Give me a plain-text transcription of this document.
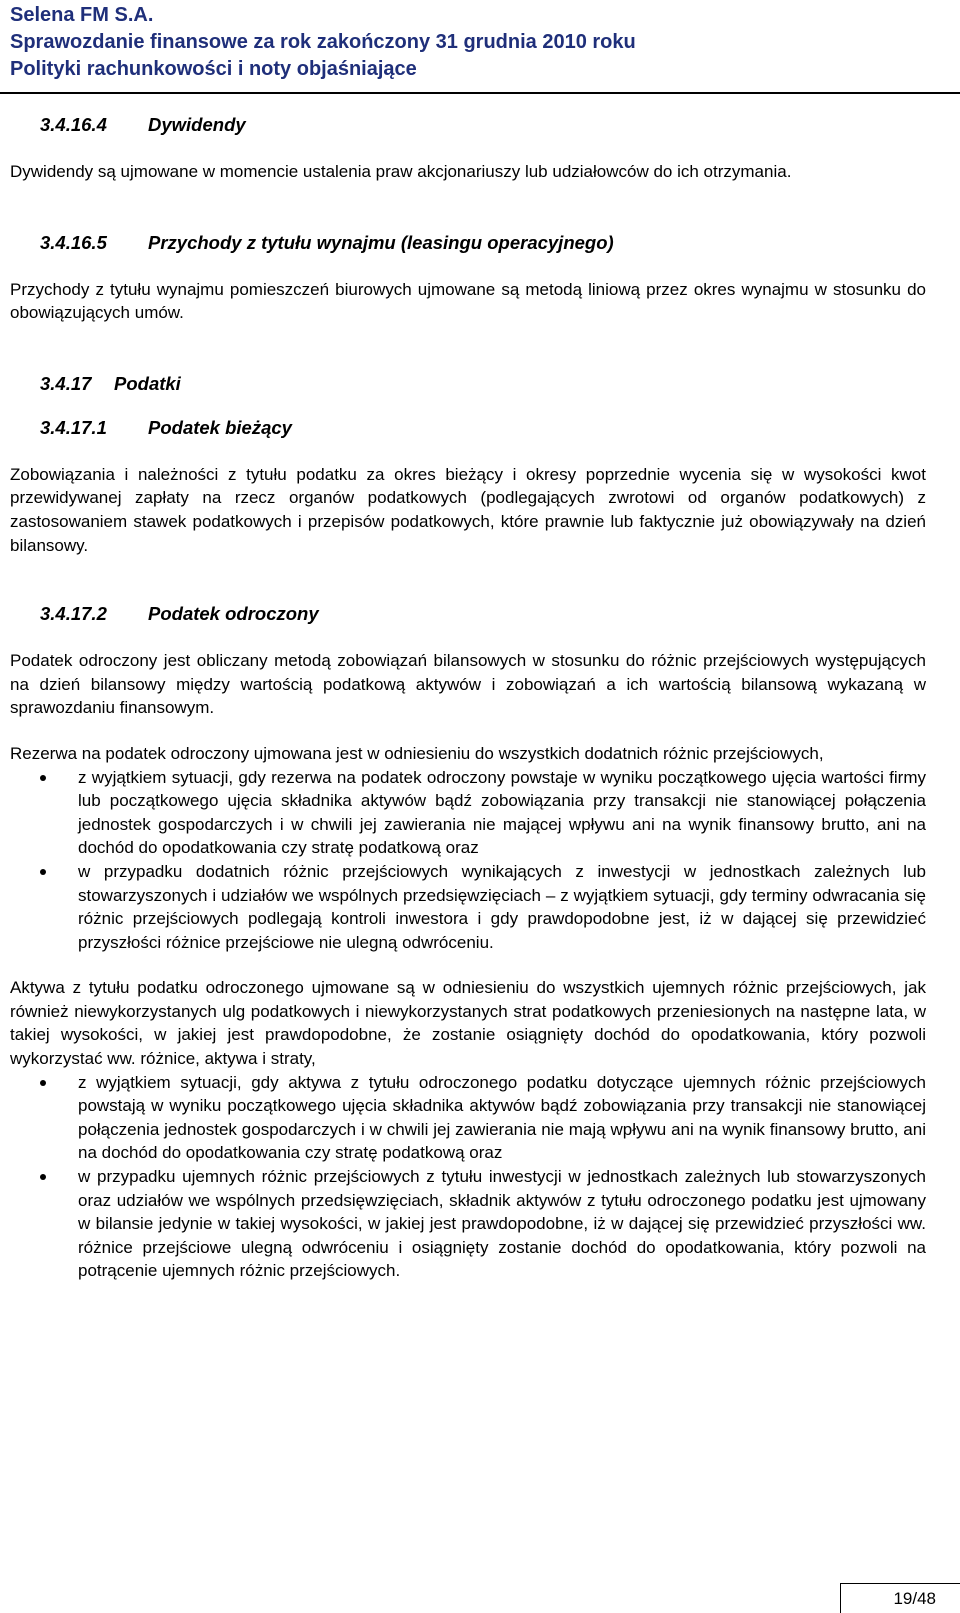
Selena FM S.A.
Sprawozdanie finansowe za rok zakończony 31 grudnia 2010 roku
Polityki rachunkowości i noty objaśniające
3.4.16.4 Dywidendy

Dywidendy są ujmowane w momencie ustalenia praw akcjonariuszy lub udziałowców do ich otrzymania.

3.4.16.5 Przychody z tytułu wynajmu (leasingu operacyjnego)

Przychody z tytułu wynajmu pomieszczeń biurowych ujmowane są metodą liniową przez okres wynajmu w stosunku do obowiązujących umów.

3.4.17 Podatki
3.4.17.1 Podatek bieżący

Zobowiązania i należności z tytułu podatku za okres bieżący i okresy poprzednie wycenia się w wysokości kwot przewidywanej zapłaty na rzecz organów podatkowych (podlegających zwrotowi od organów podatkowych) z zastosowaniem stawek podatkowych i przepisów podatkowych, które prawnie lub faktycznie już obowiązywały na dzień bilansowy.

3.4.17.2 Podatek odroczony

Podatek odroczony jest obliczany metodą zobowiązań bilansowych w stosunku do różnic przejściowych występujących na dzień bilansowy między wartością podatkową aktywów i zobowiązań a ich wartością bilansową wykazaną w sprawozdaniu finansowym.

Rezerwa na podatek odroczony ujmowana jest w odniesieniu do wszystkich dodatnich różnic przejściowych,

z wyjątkiem sytuacji, gdy rezerwa na podatek odroczony powstaje w wyniku początkowego ujęcia wartości firmy lub początkowego ujęcia składnika aktywów bądź zobowiązania przy transakcji nie stanowiącej połączenia jednostek gospodarczych i w chwili jej zawierania nie mającej wpływu ani na wynik finansowy brutto, ani na dochód do opodatkowania czy stratę podatkową oraz
w przypadku dodatnich różnic przejściowych wynikających z inwestycji w jednostkach zależnych lub stowarzyszonych i udziałów we wspólnych przedsięwzięciach – z wyjątkiem sytuacji, gdy terminy odwracania się różnic przejściowych podlegają kontroli inwestora i gdy prawdopodobne jest, iż w dającej się przewidzieć przyszłości różnice przejściowe nie ulegną odwróceniu.

Aktywa z tytułu podatku odroczonego ujmowane są w odniesieniu do wszystkich ujemnych różnic przejściowych, jak również niewykorzystanych ulg podatkowych i niewykorzystanych strat podatkowych przeniesionych na następne lata, w takiej wysokości, w jakiej jest prawdopodobne, że zostanie osiągnięty dochód do opodatkowania, który pozwoli wykorzystać ww. różnice, aktywa i straty,

z wyjątkiem sytuacji, gdy aktywa z tytułu odroczonego podatku dotyczące ujemnych różnic przejściowych powstają w wyniku początkowego ujęcia składnika aktywów bądź zobowiązania przy transakcji nie stanowiącej połączenia jednostek gospodarczych i w chwili jej zawierania nie mają wpływu ani na wynik finansowy brutto, ani na dochód do opodatkowania czy stratę podatkową oraz
w przypadku ujemnych różnic przejściowych z tytułu inwestycji w jednostkach zależnych lub stowarzyszonych oraz udziałów we wspólnych przedsięwzięciach, składnik aktywów z tytułu odroczonego podatku jest ujmowany w bilansie jedynie w takiej wysokości, w jakiej jest prawdopodobne, iż w dającej się przewidzieć przyszłości ww. różnice przejściowe ulegną odwróceniu i osiągnięty zostanie dochód do opodatkowania, który pozwoli na potrącenie ujemnych różnic przejściowych.
19/48
